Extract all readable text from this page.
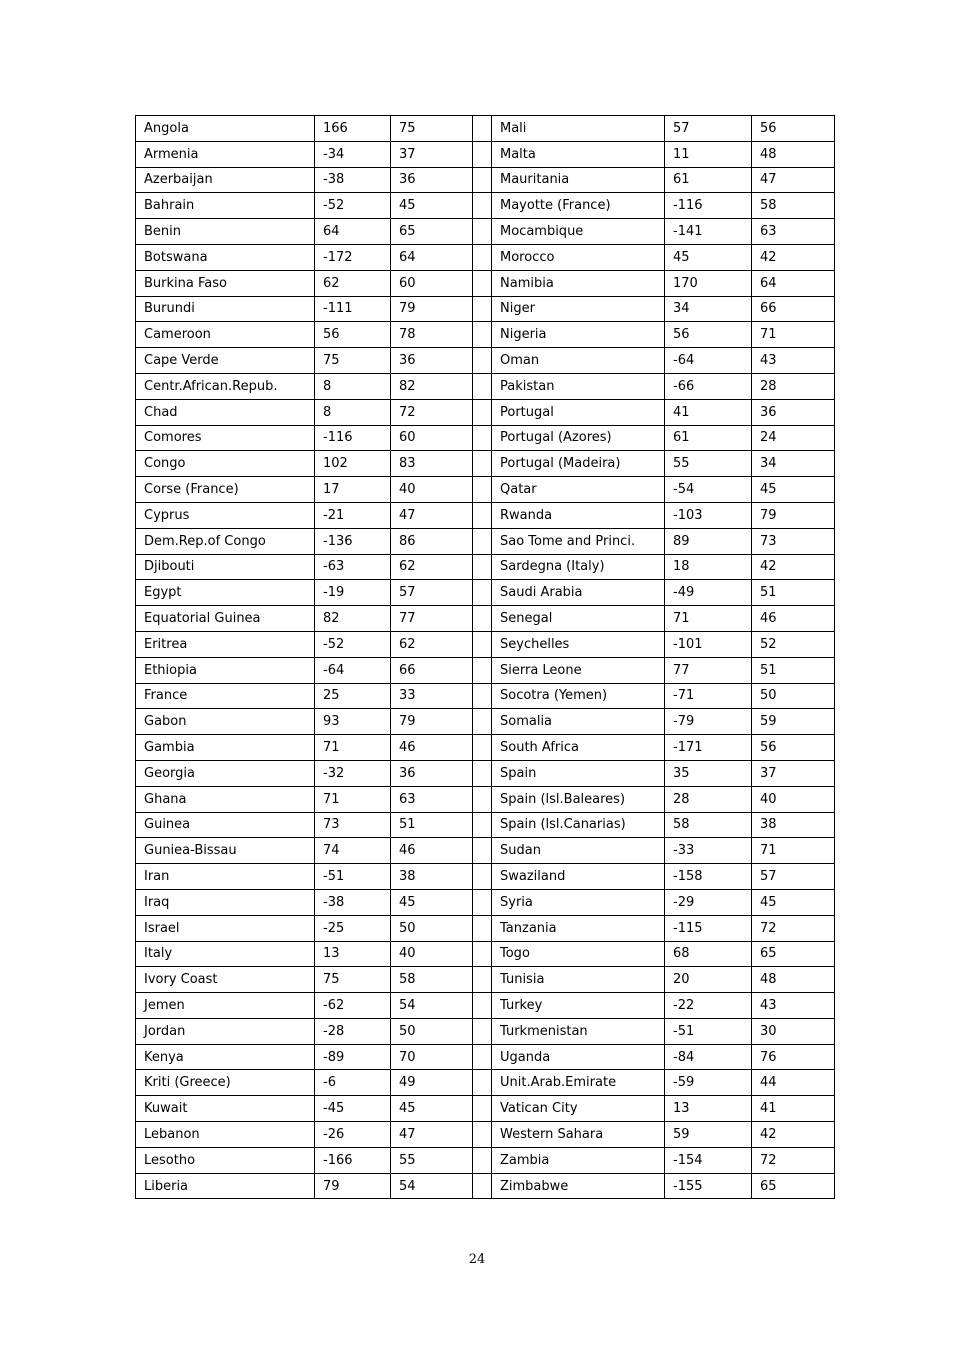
Angola	166	75		Mali	57	56
Armenia	-34	37		Malta	11	48
Azerbaijan	-38	36		Mauritania	61	47
Bahrain	-52	45		Mayotte (France)	-116	58
Benin	64	65		Mocambique	-141	63
Botswana	-172	64		Morocco	45	42
Burkina Faso	62	60		Namibia	170	64
Burundi	-111	79		Niger	34	66
Cameroon	56	78		Nigeria	56	71
Cape Verde	75	36		Oman	-64	43
Centr.African.Repub.	8	82		Pakistan	-66	28
Chad	8	72		Portugal	41	36
Comores	-116	60		Portugal (Azores)	61	24
Congo	102	83		Portugal (Madeira)	55	34
Corse (France)	17	40		Qatar	-54	45
Cyprus	-21	47		Rwanda	-103	79
Dem.Rep.of Congo	-136	86		Sao Tome and Princi.	89	73
Djibouti	-63	62		Sardegna (Italy)	18	42
Egypt	-19	57		Saudi Arabia	-49	51
Equatorial Guinea	82	77		Senegal	71	46
Eritrea	-52	62		Seychelles	-101	52
Ethiopia	-64	66		Sierra Leone	77	51
France	25	33		Socotra (Yemen)	-71	50
Gabon	93	79		Somalia	-79	59
Gambia	71	46		South Africa	-171	56
Georgia	-32	36		Spain	35	37
Ghana	71	63		Spain (lsl.Baleares)	28	40
Guinea	73	51		Spain (lsl.Canarias)	58	38
Guniea-Bissau	74	46		Sudan	-33	71
Iran	-51	38		Swaziland	-158	57
Iraq	-38	45		Syria	-29	45
Israel	-25	50		Tanzania	-115	72
Italy	13	40		Togo	68	65
Ivory Coast	75	58		Tunisia	20	48
Jemen	-62	54		Turkey	-22	43
Jordan	-28	50		Turkmenistan	-51	30
Kenya	-89	70		Uganda	-84	76
Kriti (Greece)	-6	49		Unit.Arab.Emirate	-59	44
Kuwait	-45	45		Vatican City	13	41
Lebanon	-26	47		Western Sahara	59	42
Lesotho	-166	55		Zambia	-154	72
Liberia	79	54		Zimbabwe	-155	65
24
